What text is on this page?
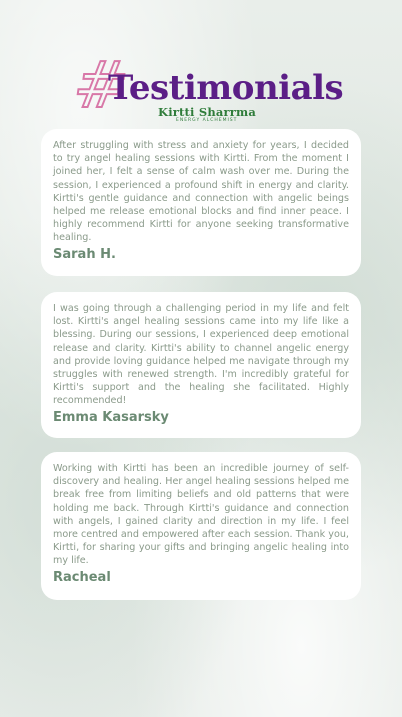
#
Testimonials
Kirtti Sharrma
ENERGY ALCHEMIST

After struggling with stress and anxiety for years, I decided to try angel healing sessions with Kirtti. From the moment I joined her, I felt a sense of calm wash over me. During the session, I experienced a profound shift in energy and clarity. Kirtti's gentle guidance and connection with angelic beings helped me release emotional blocks and find inner peace. I highly recommend Kirtti for anyone seeking transformative healing.

Sarah H.

I was going through a challenging period in my life and felt lost. Kirtti's angel healing sessions came into my life like a blessing. During our sessions, I experienced deep emotional release and clarity. Kirtti's ability to channel angelic energy and provide loving guidance helped me navigate through my struggles with renewed strength. I'm incredibly grateful for Kirtti's support and the healing she facilitated. Highly recommended!

Emma Kasarsky

Working with Kirtti has been an incredible journey of self-discovery and healing. Her angel healing sessions helped me break free from limiting beliefs and old patterns that were holding me back. Through Kirtti's guidance and connection with angels, I gained clarity and direction in my life. I feel more centred and empowered after each session. Thank you, Kirtti, for sharing your gifts and bringing angelic healing into my life.

Racheal
